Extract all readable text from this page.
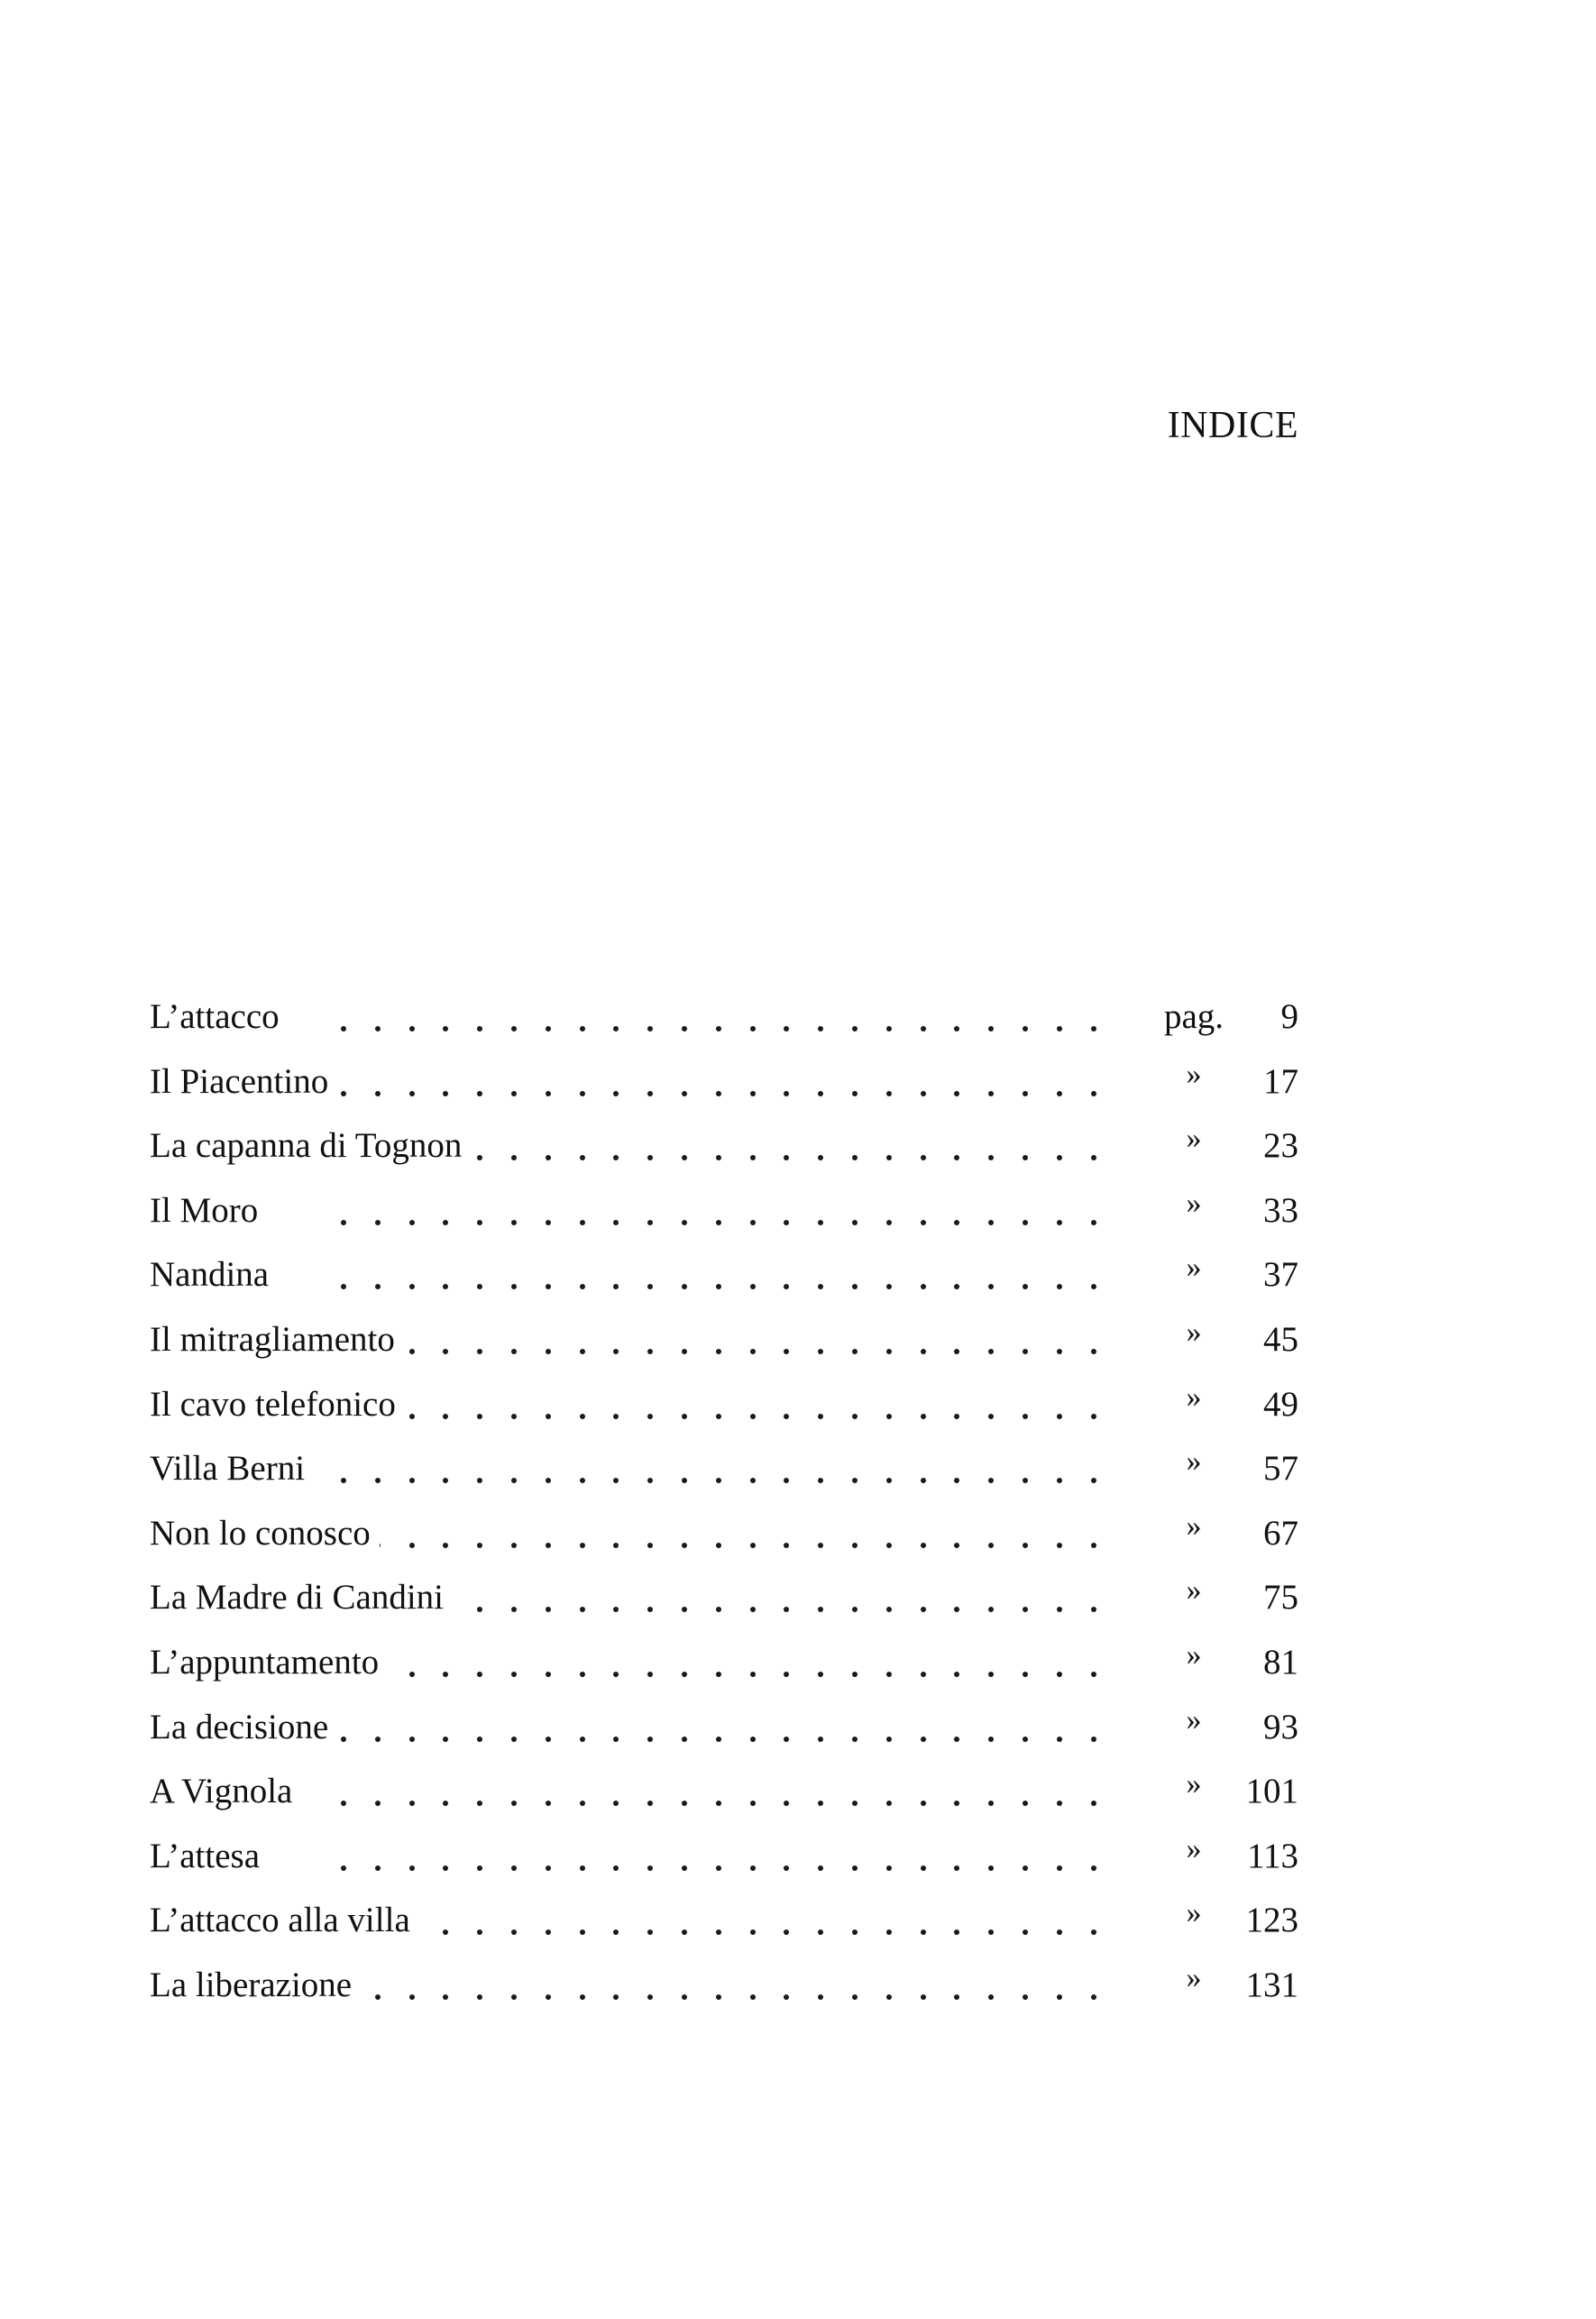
INDICE
L’attacco	pag. 9
Il Piacentino	»	17
La capanna di Tognon	»	23
Il Moro	»	33
Nandina	»	37
Il mitragliamento	»	45
Il cavo telefonico	»	49
Villa Berni	»	57
Non lo conosco	»	67
La Madre di Candini	»	75
L’appuntamento	»	81
La decisione	»	93
A Vignola	»	101
L’attesa	»	113
L’attacco alla villa	»	123
La liberazione	»	131
